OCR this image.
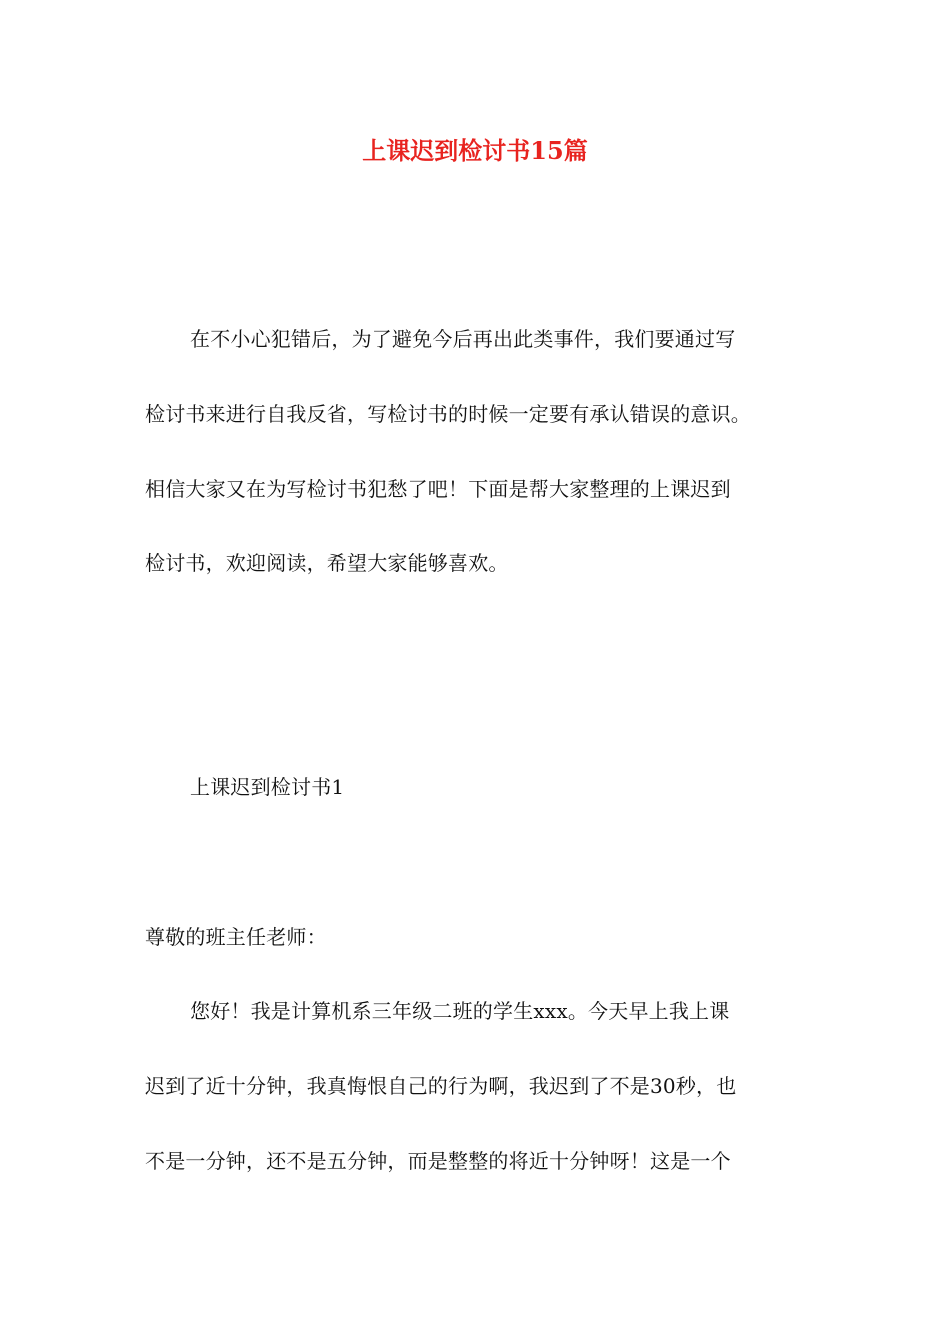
上课迟到检讨书15篇
在不小心犯错后，为了避免今后再出此类事件，我们要通过写
检讨书来进行自我反省，写检讨书的时候一定要有承认错误的意识。
相信大家又在为写检讨书犯愁了吧！下面是帮大家整理的上课迟到
检讨书，欢迎阅读，希望大家能够喜欢。
上课迟到检讨书1
尊敬的班主任老师：
您好！我是计算机系三年级二班的学生xxx。今天早上我上课
迟到了近十分钟，我真悔恨自己的行为啊，我迟到了不是30秒，也
不是一分钟，还不是五分钟，而是整整的将近十分钟呀！这是一个
